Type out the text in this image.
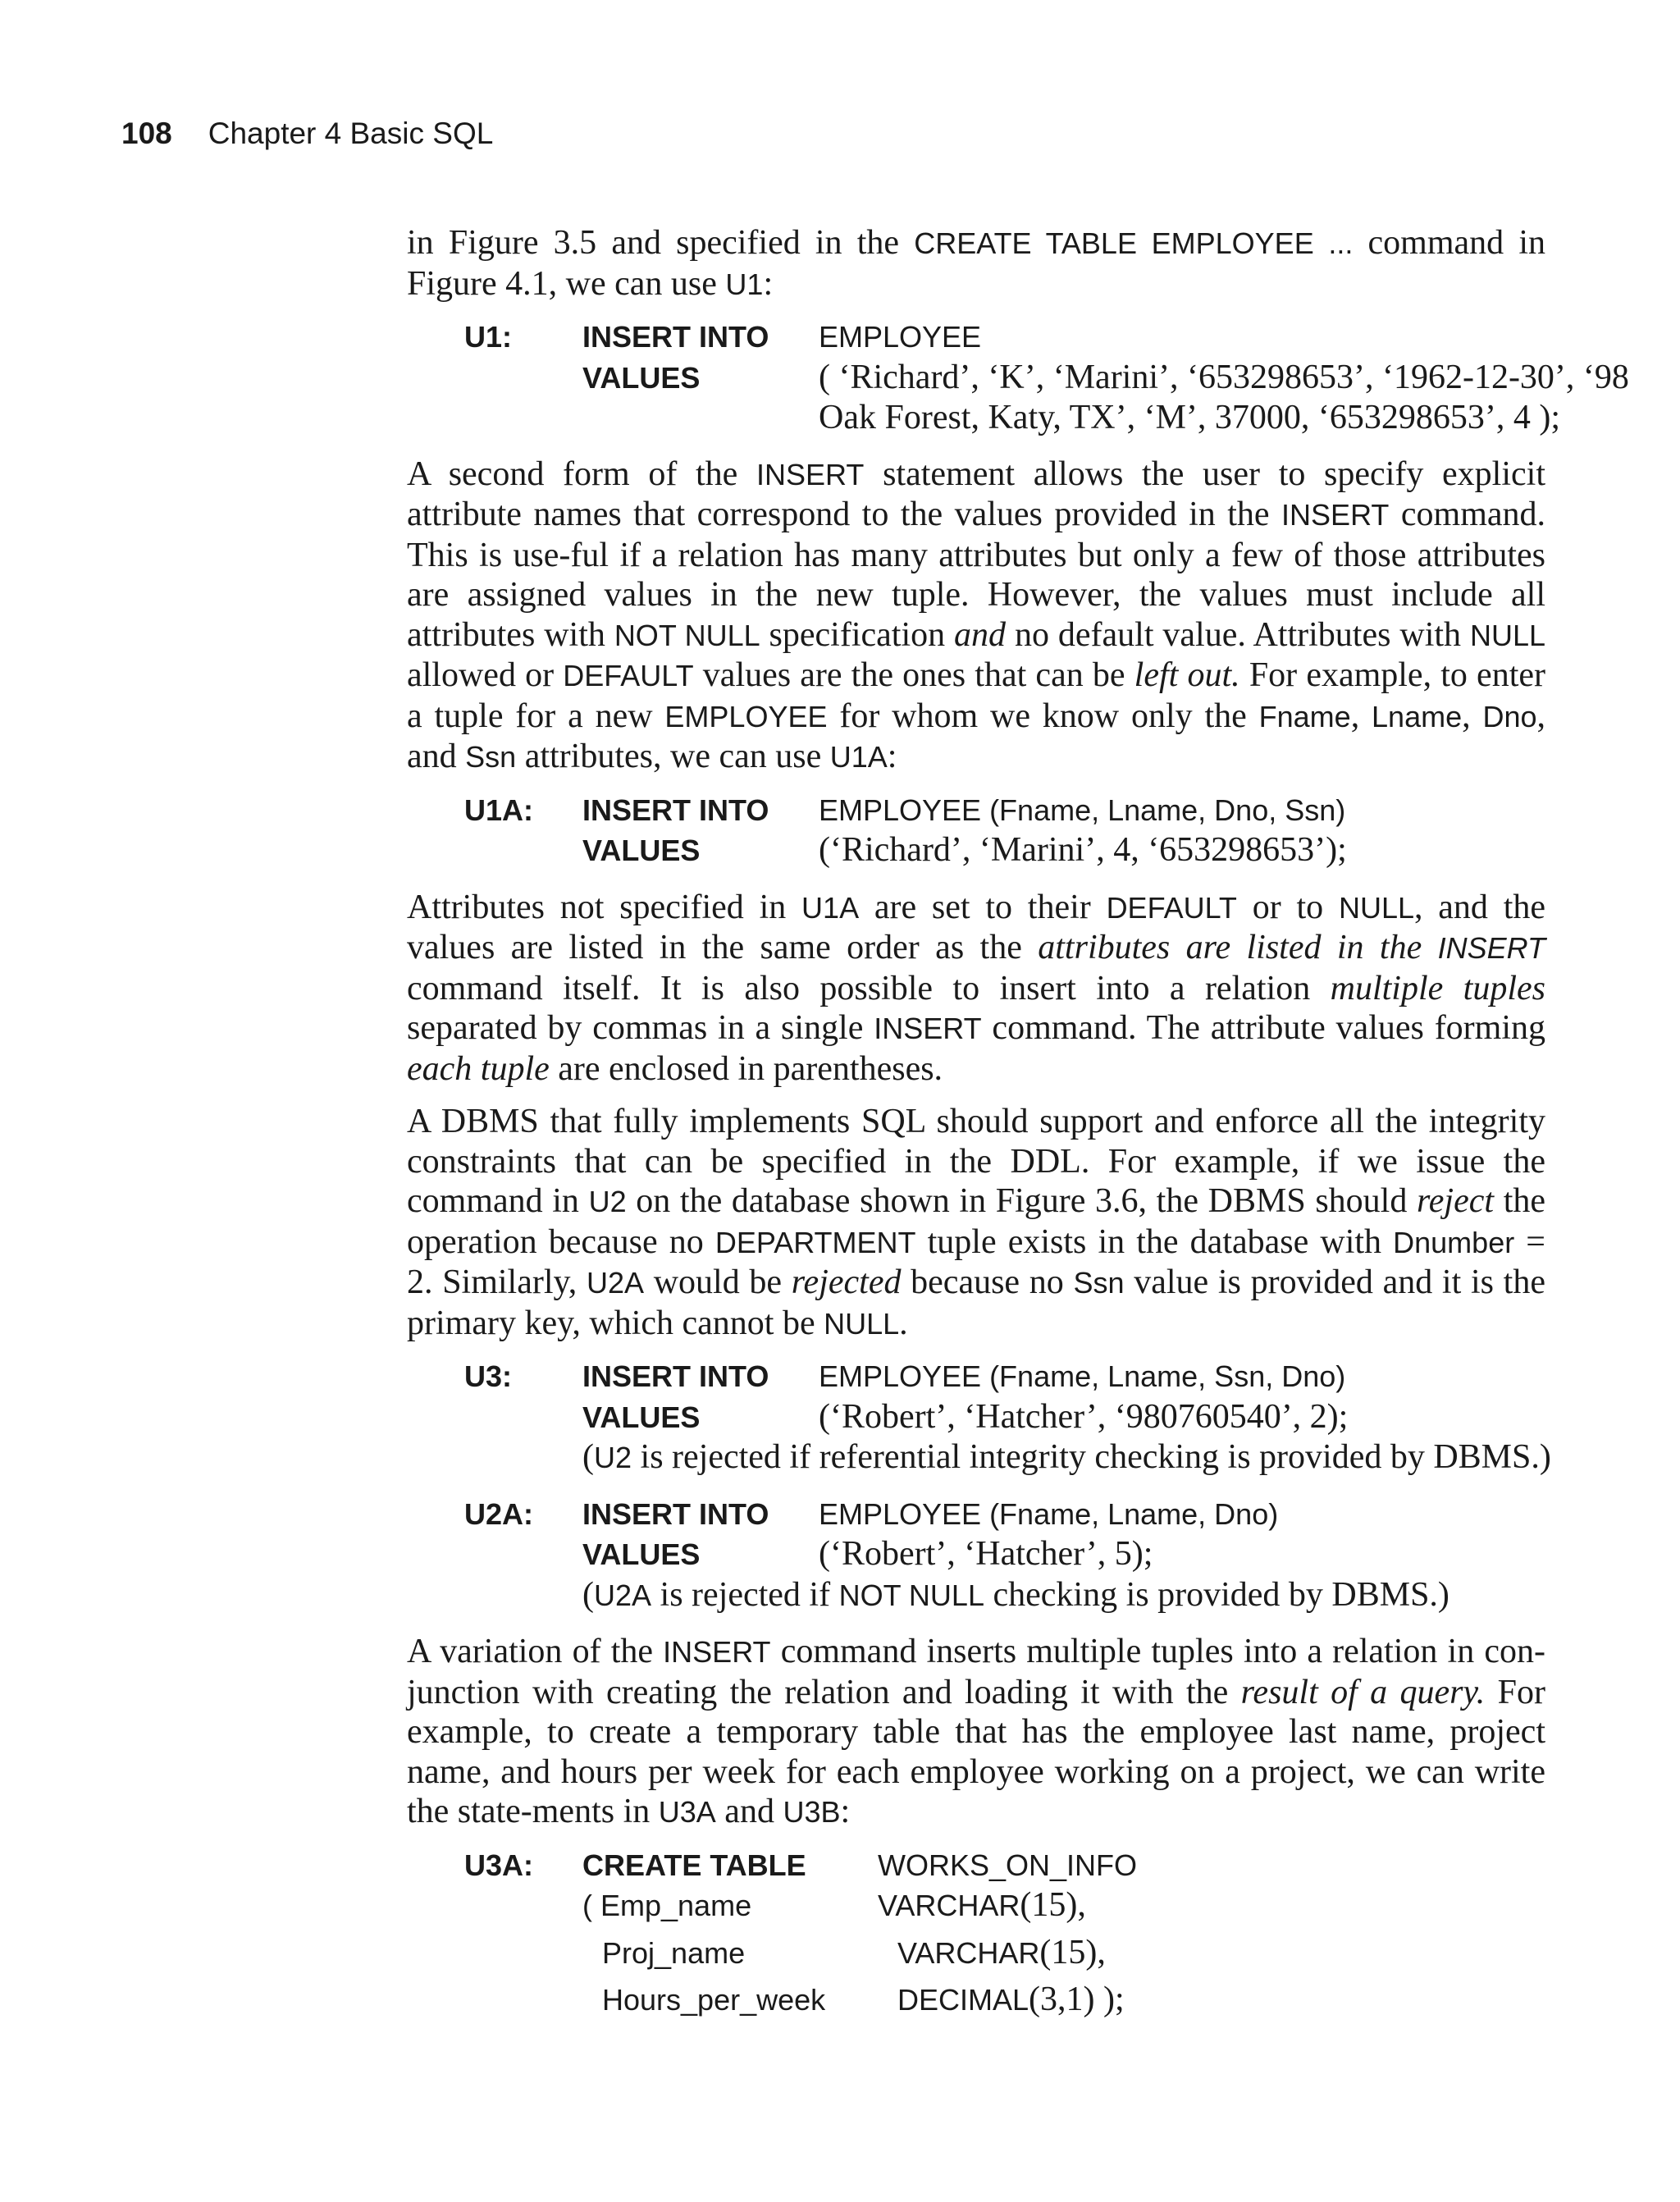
108 Chapter 4 Basic SQL

in Figure 3.5 and specified in the CREATE TABLE EMPLOYEE ... command in Figure 4.1, we can use U1:

U1:	INSERT INTO	EMPLOYEE
VALUES	( ‘Richard’, ‘K’, ‘Marini’, ‘653298653’, ‘1962-12-30’, ‘98
Oak Forest, Katy, TX’, ‘M’, 37000, ‘653298653’, 4 );

A second form of the INSERT statement allows the user to specify explicit attribute names that correspond to the values provided in the INSERT command. This is use-ful if a relation has many attributes but only a few of those attributes are assigned values in the new tuple. However, the values must include all attributes with NOT NULL specification and no default value. Attributes with NULL allowed or DEFAULT values are the ones that can be left out. For example, to enter a tuple for a new EMPLOYEE for whom we know only the Fname, Lname, Dno, and Ssn attributes, we can use U1A:

U1A:	INSERT INTO	EMPLOYEE (Fname, Lname, Dno, Ssn)
VALUES	(‘Richard’, ‘Marini’, 4, ‘653298653’);

Attributes not specified in U1A are set to their DEFAULT or to NULL, and the values are listed in the same order as the attributes are listed in the INSERT command itself. It is also possible to insert into a relation multiple tuples separated by commas in a single INSERT command. The attribute values forming each tuple are enclosed in parentheses.

A DBMS that fully implements SQL should support and enforce all the integrity constraints that can be specified in the DDL. For example, if we issue the command in U2 on the database shown in Figure 3.6, the DBMS should reject the operation because no DEPARTMENT tuple exists in the database with Dnumber = 2. Similarly, U2A would be rejected because no Ssn value is provided and it is the primary key, which cannot be NULL.

U3:	INSERT INTO	EMPLOYEE (Fname, Lname, Ssn, Dno)
VALUES	(‘Robert’, ‘Hatcher’, ‘980760540’, 2);
(U2 is rejected if referential integrity checking is provided by DBMS.)
U2A:	INSERT INTO	EMPLOYEE (Fname, Lname, Dno)
VALUES	(‘Robert’, ‘Hatcher’, 5);
(U2A is rejected if NOT NULL checking is provided by DBMS.)

A variation of the INSERT command inserts multiple tuples into a relation in con-junction with creating the relation and loading it with the result of a query. For example, to create a temporary table that has the employee last name, project name, and hours per week for each employee working on a project, we can write the state-ments in U3A and U3B:

U3A:	CREATE TABLE	WORKS_ON_INFO
( Emp_name	VARCHAR(15),
Proj_name	VARCHAR(15),
Hours_per_week	DECIMAL(3,1) );
